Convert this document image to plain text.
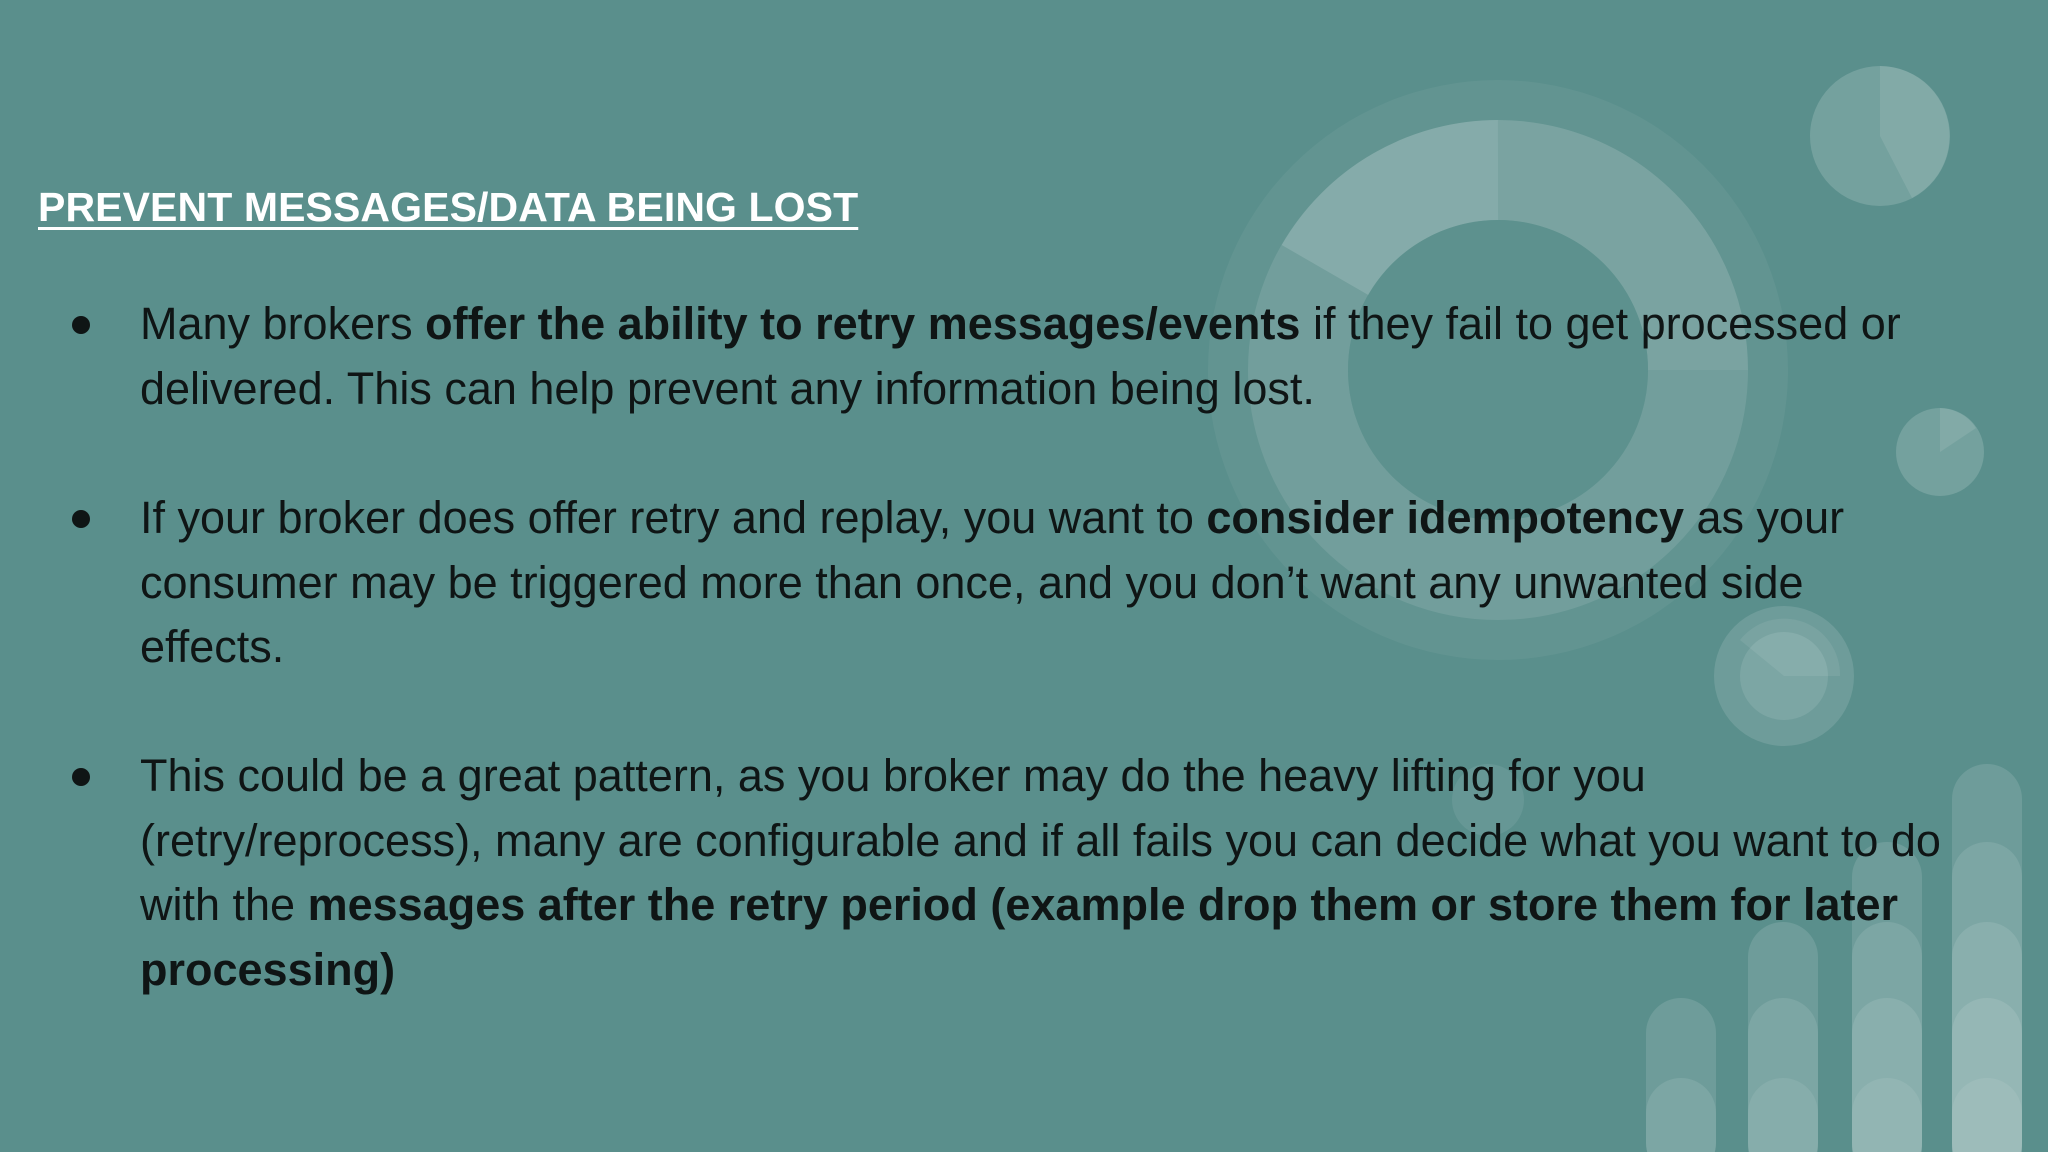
PREVENT MESSAGES/DATA BEING LOST

Many brokers offer the ability to retry messages/events if they fail to get processed or
delivered. This can help prevent any information being lost.

If your broker does offer retry and replay, you want to consider idempotency as your
consumer may be triggered more than once, and you don’t want any unwanted side
effects.

This could be a great pattern, as you broker may do the heavy lifting for you
(retry/reprocess), many are configurable and if all fails you can decide what you want to do
with the messages after the retry period (example drop them or store them for later
processing)
